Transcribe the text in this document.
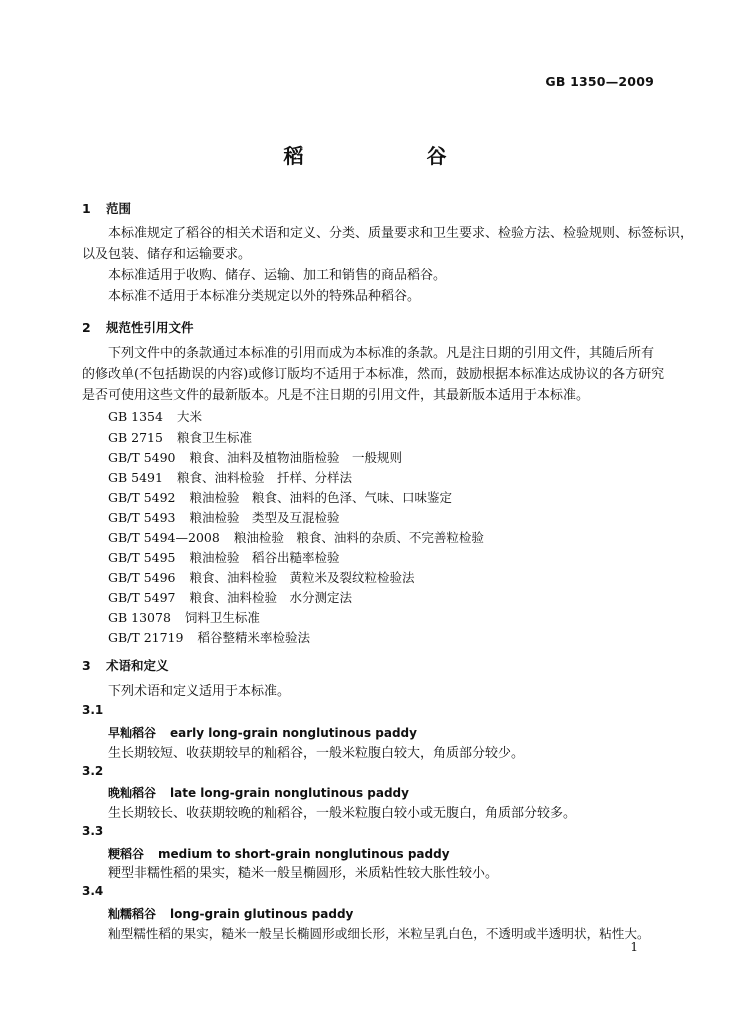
GB 1350—2009
稻 谷
1 范围
本标准规定了稻谷的相关术语和定义、分类、质量要求和卫生要求、检验方法、检验规则、标签标识，
以及包装、储存和运输要求。
本标准适用于收购、储存、运输、加工和销售的商品稻谷。
本标准不适用于本标准分类规定以外的特殊品种稻谷。
2 规范性引用文件
下列文件中的条款通过本标准的引用而成为本标准的条款。凡是注日期的引用文件，其随后所有
的修改单(不包括勘误的内容)或修订版均不适用于本标准，然而，鼓励根据本标准达成协议的各方研究
是否可使用这些文件的最新版本。凡是不注日期的引用文件，其最新版本适用于本标准。
GB 1354 大米
GB 2715 粮食卫生标准
GB/T 5490 粮食、油料及植物油脂检验　一般规则
GB 5491 粮食、油料检验　扦样、分样法
GB/T 5492 粮油检验　粮食、油料的色泽、气味、口味鉴定
GB/T 5493 粮油检验　类型及互混检验
GB/T 5494—2008 粮油检验　粮食、油料的杂质、不完善粒检验
GB/T 5495 粮油检验　稻谷出糙率检验
GB/T 5496 粮食、油料检验　黄粒米及裂纹粒检验法
GB/T 5497 粮食、油料检验　水分测定法
GB 13078 饲料卫生标准
GB/T 21719 稻谷整精米率检验法
3 术语和定义
下列术语和定义适用于本标准。
3.1
早籼稻谷 early long-grain nonglutinous paddy
生长期较短、收获期较早的籼稻谷，一般米粒腹白较大，角质部分较少。
3.2
晚籼稻谷 late long-grain nonglutinous paddy
生长期较长、收获期较晚的籼稻谷，一般米粒腹白较小或无腹白，角质部分较多。
3.3
粳稻谷 medium to short-grain nonglutinous paddy
粳型非糯性稻的果实，糙米一般呈椭圆形，米质粘性较大胀性较小。
3.4
籼糯稻谷 long-grain glutinous paddy
籼型糯性稻的果实，糙米一般呈长椭圆形或细长形，米粒呈乳白色，不透明或半透明状，粘性大。
1
